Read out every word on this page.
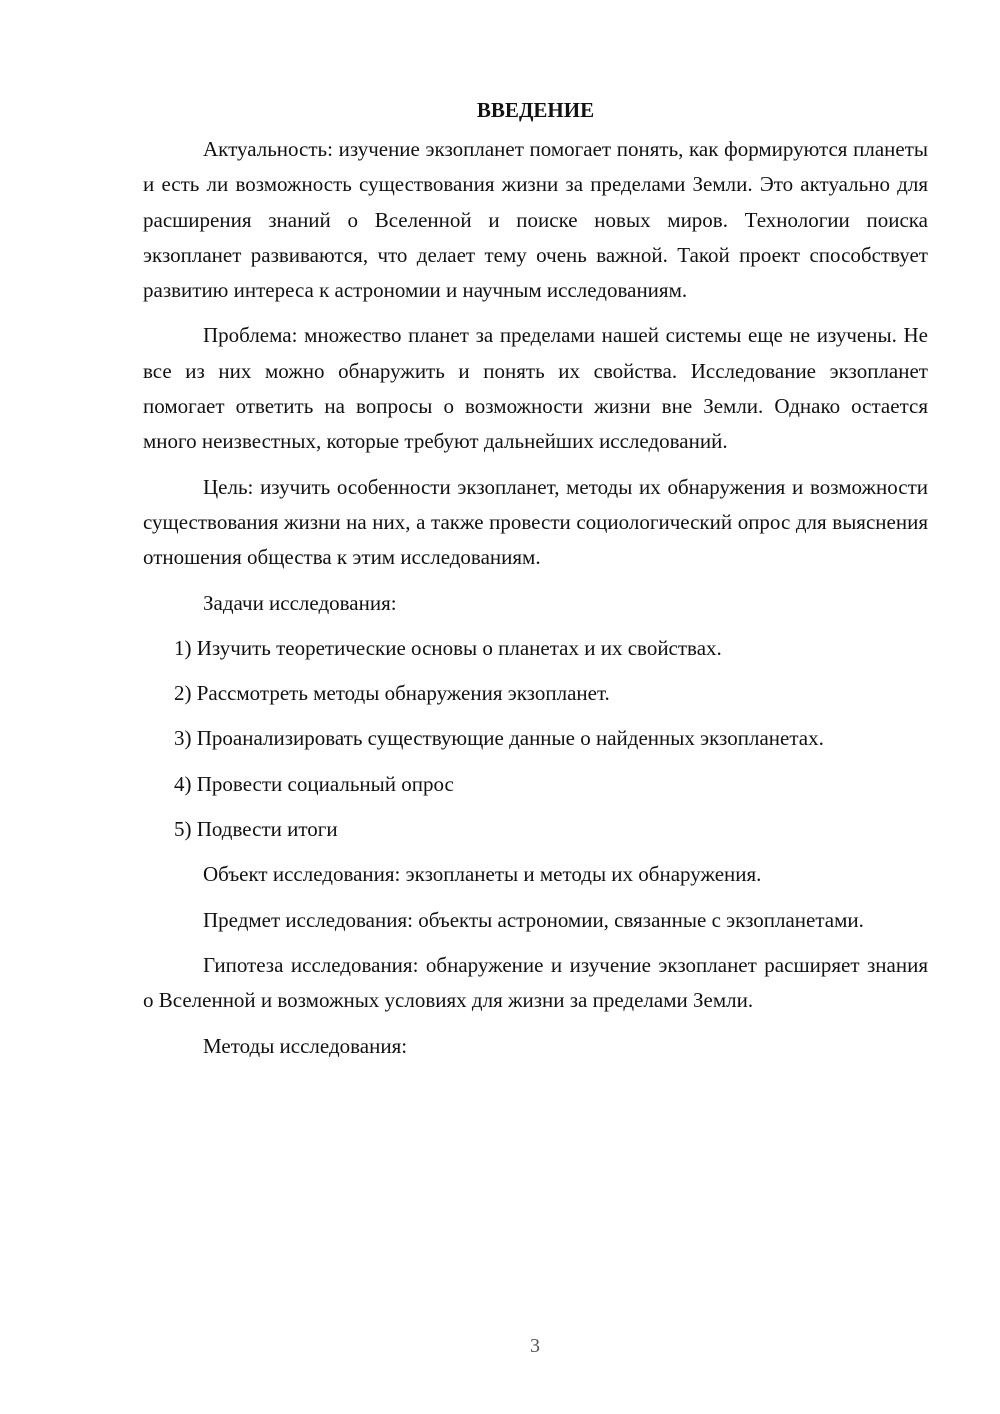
ВВЕДЕНИЕ

Актуальность: изучение экзопланет помогает понять, как формируются планеты и есть ли возможность существования жизни за пределами Земли. Это актуально для расширения знаний о Вселенной и поиске новых миров. Технологии поиска экзопланет развиваются, что делает тему очень важной. Такой проект способствует развитию интереса к астрономии и научным исследованиям.

Проблема: множество планет за пределами нашей системы еще не изучены. Не все из них можно обнаружить и понять их свойства. Исследование экзопланет помогает ответить на вопросы о возможности жизни вне Земли. Однако остается много неизвестных, которые требуют дальнейших исследований.

Цель: изучить особенности экзопланет, методы их обнаружения и возможности существования жизни на них, а также провести социологический опрос для выяснения отношения общества к этим исследованиям.

Задачи исследования:

1) Изучить теоретические основы о планетах и их свойствах.
2) Рассмотреть методы обнаружения экзопланет.
3) Проанализировать существующие данные о найденных экзопланетах.
4) Провести социальный опрос
5) Подвести итоги

Объект исследования: экзопланеты и методы их обнаружения.

Предмет исследования: объекты астрономии, связанные с экзопланетами.

Гипотеза исследования: обнаружение и изучение экзопланет расширяет знания о Вселенной и возможных условиях для жизни за пределами Земли.

Методы исследования:

3
